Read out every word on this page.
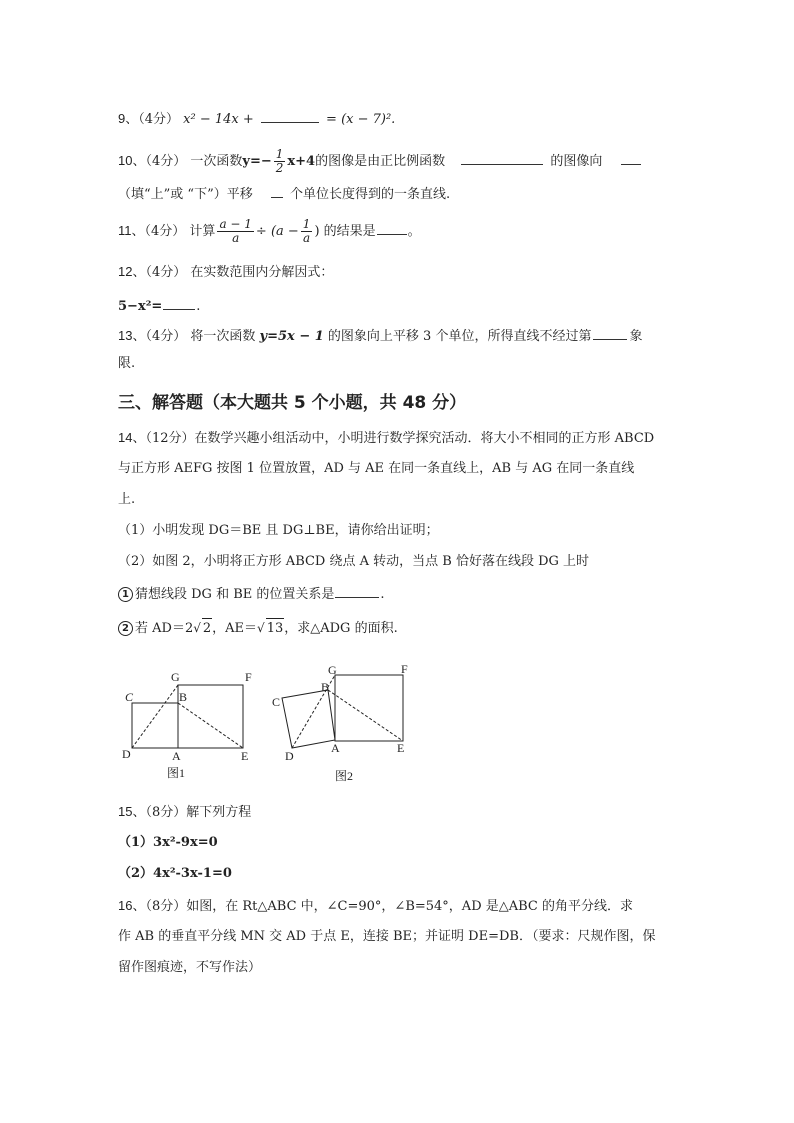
9、（4分） x² − 14x +	= (x − 7)².
10、（4分） 一次函数$y=- \frac{1}{2} x+4$的图像是由正比例函数	的图像向
（填“上”或 “下”）平移	个单位长度得到的一条直线.
11、（4分） 计算 $\frac{a - 1}{a} \div (a - \frac{1}{a}$ ) 的结果是 。
12、（4分） 在实数范围内分解因式：
5−x²=	.
13、（4分） 将一次函数 y=5x − 1 的图象向上平移 3 个单位，所得直线不经过第	象
限.
三、解答题（本大题共 5 个小题，共 48 分）
14、（12分）在数学兴趣小组活动中，小明进行数学探究活动．将大小不相同的正方形 ABCD
与正方形 AEFG 按图 1 位置放置，AD 与 AE 在同一条直线上，AB 与 AG 在同一条直线
上.
（1）小明发现 DG＝BE 且 DG⊥BE，请你给出证明；
（2）如图 2，小明将正方形 ABCD 绕点 A 转动，当点 B 恰好落在线段 DG 上时
1 猜想线段 DG 和 BE 的位置关系是	.
2 若 AD＝2√ 2，AE＝√ 13，求△ADG 的面积.
C
G
B
F
D	A	E
图1
G	F
B
C
A
D
E
图2
15、（8分）解下列方程
（1）3x²-9x=0
（2）4x²-3x-1=0
16、（8分）如图，在 Rt△ABC 中，∠C=90°，∠B=54°，AD 是△ABC 的角平分线．求
作 AB 的垂直平分线 MN 交 AD 于点 E，连接 BE；并证明 DE=DB．（要求：尺规作图，保
留作图痕迹，不写作法）
